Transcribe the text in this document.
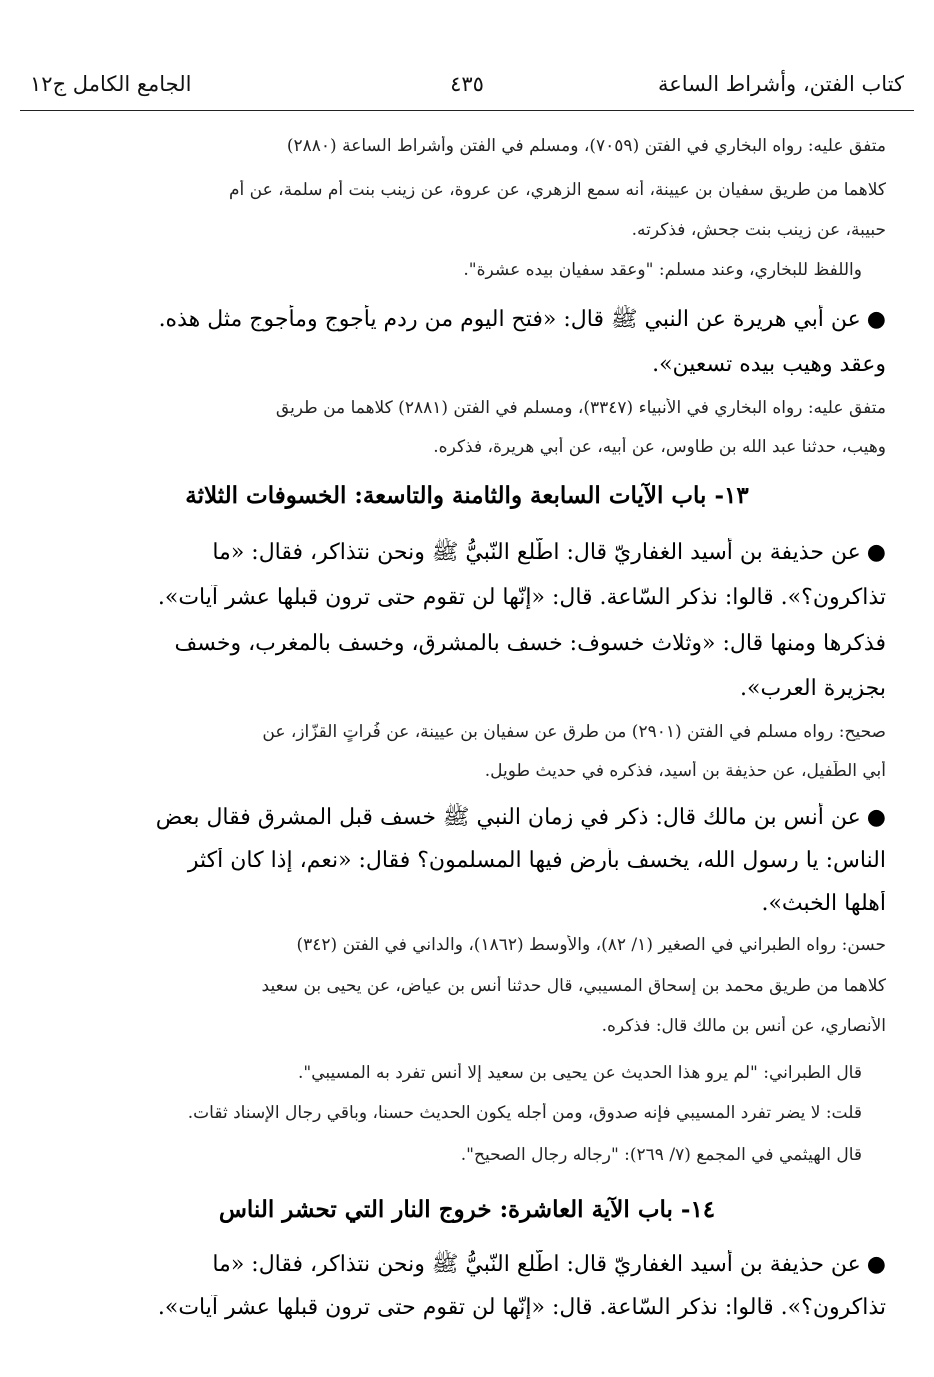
كتاب الفتن، وأشراط الساعة
٤٣٥
الجامع الكامل ج١٢
متفق عليه: رواه البخاري في الفتن (٧٠٥٩)، ومسلم في الفتن وأشراط الساعة (٢٨٨٠)
كلاهما من طريق سفيان بن عيينة، أنه سمع الزهري، عن عروة، عن زينب بنت أم سلمة، عن أم
حبيبة، عن زينب بنت جحش، فذكرته.
واللفظ للبخاري، وعند مسلم: "وعقد سفيان بيده عشرة".
●عن أبي هريرة عن النبي ﷺ قال: «فتح اليوم من ردم يأجوج ومأجوج مثل هذه.
وعقد وهيب بيده تسعين».
متفق عليه: رواه البخاري في الأنبياء (٣٣٤٧)، ومسلم في الفتن (٢٨٨١) كلاهما من طريق
وهيب، حدثنا عبد الله بن طاوس، عن أبيه، عن أبي هريرة، فذكره.
١٣- باب الآيات السابعة والثامنة والتاسعة: الخسوفات الثلاثة
●عن حذيفة بن أسيد الغفاريّ قال: اطّلع النّبيُّ ﷺ ونحن نتذاكر، فقال: «ما
تذاكرون؟». قالوا: نذكر السّاعة. قال: «إنّها لن تقوم حتى ترون قبلها عشر آيات».
فذكرها ومنها قال: «وثلاث خسوف: خسف بالمشرق، وخسف بالمغرب، وخسف
بجزيرة العرب».
صحيح: رواه مسلم في الفتن (٢٩٠١) من طرق عن سفيان بن عيينة، عن فُراتٍ القزّاز، عن
أبي الطّفيل، عن حذيفة بن أسيد، فذكره في حديث طويل.
●عن أنس بن مالك قال: ذكر في زمان النبي ﷺ خسف قبل المشرق فقال بعض
الناس: يا رسول الله، يخسف بأرض فيها المسلمون؟ فقال: «نعم، إذا كان أكثر
أهلها الخبث».
حسن: رواه الطبراني في الصغير (١/ ٨٢)، والأوسط (١٨٦٢)، والداني في الفتن (٣٤٢)
كلاهما من طريق محمد بن إسحاق المسيبي، قال حدثنا أنس بن عياض، عن يحيى بن سعيد
الأنصاري، عن أنس بن مالك قال: فذكره.
قال الطبراني: "لم يرو هذا الحديث عن يحيى بن سعيد إلا أنس تفرد به المسيبي".
قلت: لا يضر تفرد المسيبي فإنه صدوق، ومن أجله يكون الحديث حسنا، وباقي رجال الإسناد ثقات.
قال الهيثمي في المجمع (٧/ ٢٦٩): "رجاله رجال الصحيح".
١٤- باب الآية العاشرة: خروج النار التي تحشر الناس
●عن حذيفة بن أسيد الغفاريّ قال: اطّلع النّبيُّ ﷺ ونحن نتذاكر، فقال: «ما
تذاكرون؟». قالوا: نذكر السّاعة. قال: «إنّها لن تقوم حتى ترون قبلها عشر آيات».
